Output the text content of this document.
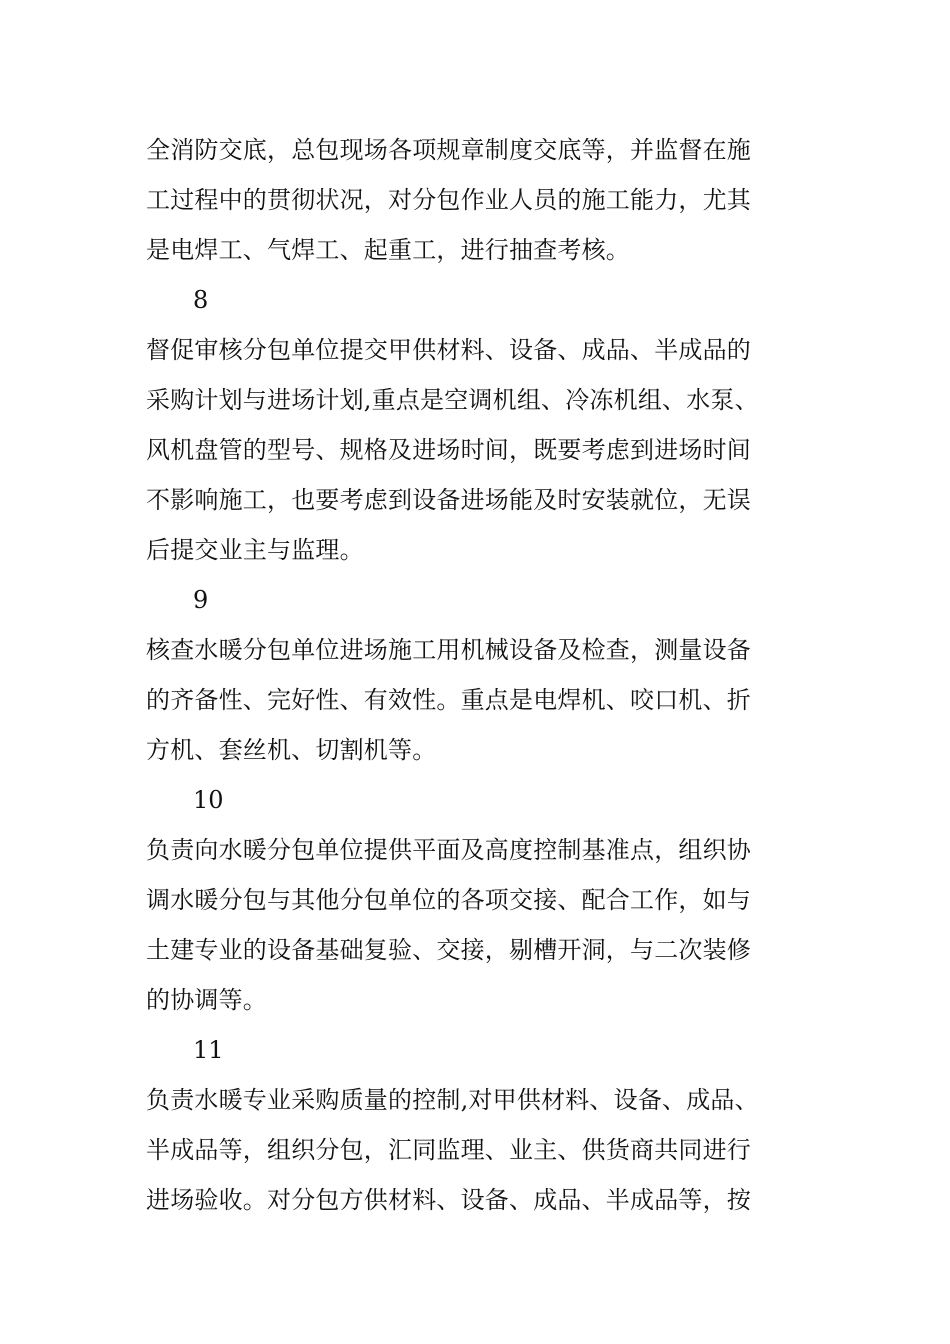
全消防交底，总包现场各项规章制度交底等，并监督在施
工过程中的贯彻状况，对分包作业人员的施工能力，尤其
是电焊工、气焊工、起重工，进行抽查考核。
8
督促审核分包单位提交甲供材料、设备、成品、半成品的
采购计划与进场计划,重点是空调机组、冷冻机组、水泵、
风机盘管的型号、规格及进场时间，既要考虑到进场时间
不影响施工，也要考虑到设备进场能及时安装就位，无误
后提交业主与监理。
9
核查水暖分包单位进场施工用机械设备及检查，测量设备
的齐备性、完好性、有效性。重点是电焊机、咬口机、折
方机、套丝机、切割机等。
10
负责向水暖分包单位提供平面及高度控制基准点，组织协
调水暖分包与其他分包单位的各项交接、配合工作，如与
土建专业的设备基础复验、交接，剔槽开洞，与二次装修
的协调等。
11
负责水暖专业采购质量的控制,对甲供材料、设备、成品、
半成品等，组织分包，汇同监理、业主、供货商共同进行
进场验收。对分包方供材料、设备、成品、半成品等，按
